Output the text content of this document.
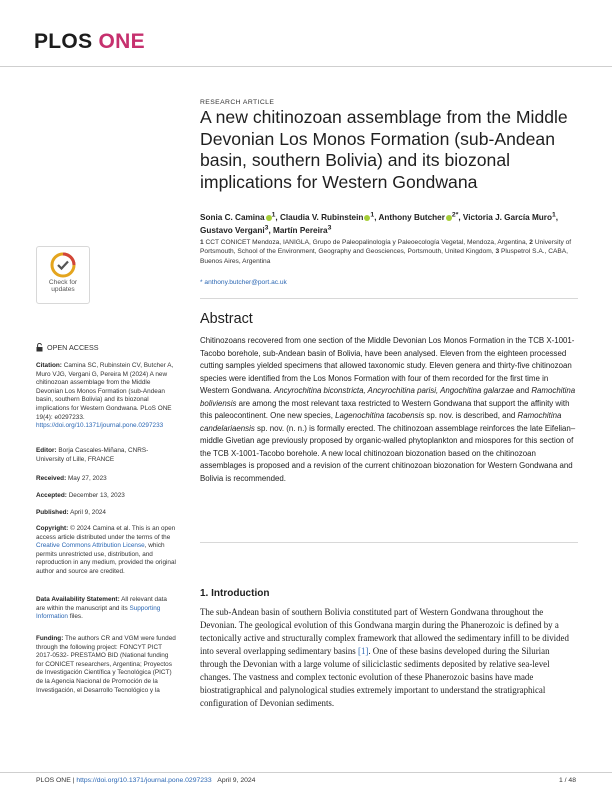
PLOS ONE
Check for updates
OPEN ACCESS
Citation: Camina SC, Rubinstein CV, Butcher A, Muro VJG, Vergani G, Pereira M (2024) A new chitinozoan assemblage from the Middle Devonian Los Monos Formation (sub-Andean basin, southern Bolivia) and its biozonal implications for Western Gondwana. PLoS ONE 19(4): e0297233. https://doi.org/10.1371/journal.pone.0297233
Editor: Borja Cascales-Miñana, CNRS-University of Lille, FRANCE
Received: May 27, 2023
Accepted: December 13, 2023
Published: April 9, 2024
Copyright: © 2024 Camina et al. This is an open access article distributed under the terms of the Creative Commons Attribution License, which permits unrestricted use, distribution, and reproduction in any medium, provided the original author and source are credited.
Data Availability Statement: All relevant data are within the manuscript and its Supporting Information files.
Funding: The authors CR and VGM were funded through the following project: FONCYT PICT 2017-0532- PRESTAMO BID (National funding for CONICET researchers, Argentina; Proyectos de Investigación Científica y Tecnológica (PICT) de la Agencia Nacional de Promoción de la Investigación, el Desarrollo Tecnológico y la
RESEARCH ARTICLE
A new chitinozoan assemblage from the Middle Devonian Los Monos Formation (sub-Andean basin, southern Bolivia) and its biozonal implications for Western Gondwana
Sonia C. Camina $^1$, Claudia V. Rubinstein $^1$, Anthony Butcher $^{2*}$, Victoria J. García Muro$^1$, Gustavo Vergani$^3$, Martín Pereira$^3$
1 CCT CONICET Mendoza, IANIGLA, Grupo de Paleopalinología y Paleoecología Vegetal, Mendoza, Argentina, 2 University of Portsmouth, School of the Environment, Geography and Geosciences, Portsmouth, United Kingdom, 3 Pluspetrol S.A., CABA, Buenos Aires, Argentina
* anthony.butcher@port.ac.uk
Abstract

Chitinozoans recovered from one section of the Middle Devonian Los Monos Formation in the TCB X-1001-Tacobo borehole, sub-Andean basin of Bolivia, have been analysed. Eleven from the eighteen processed cutting samples yielded specimens that allowed taxonomic study. Eleven genera and thirty-five chitinozoan species were identified from the Los Monos Formation with four of them recorded for the first time in Western Gondwana. Ancyrochitina biconstricta, Ancyrochitina parisi, Angochitina galarzae and Ramochitina boliviensis are among the most relevant taxa restricted to Western Gondwana that support the affinity with this paleocontinent. One new species, Lagenochitina tacobensis sp. nov. is described, and Ramochitina candelariaensis sp. nov. (n. n.) is formally erected. The chitinozoan assemblage reinforces the late Eifelian–middle Givetian age previously proposed by organic-walled phytoplankton and miospores for this section of the TCB X-1001-Tacobo borehole. A new local chitinozoan biozonation based on the chitinozoan assemblages is proposed and a revision of the current chitinozoan biozonation for Western Gondwana and Bolivia is recommended.

1. Introduction

The sub-Andean basin of southern Bolivia constituted part of Western Gondwana throughout the Devonian. The geological evolution of this Gondwana margin during the Phanerozoic is defined by a tectonically active and structurally complex framework that allowed the sedimentary infill to be divided into several overlapping sedimentary basins [1]. One of these basins developed during the Silurian through the Devonian with a large volume of siliciclastic sediments deposited by relative sea-level changes. The vastness and complex tectonic evolution of these Phanerozoic basins have made biostratigraphical and palynological studies extremely important to understand the stratigraphical configuration of Devonian sediments.

PLOS ONE | https://doi.org/10.1371/journal.pone.0297233 April 9, 2024	1 / 48
